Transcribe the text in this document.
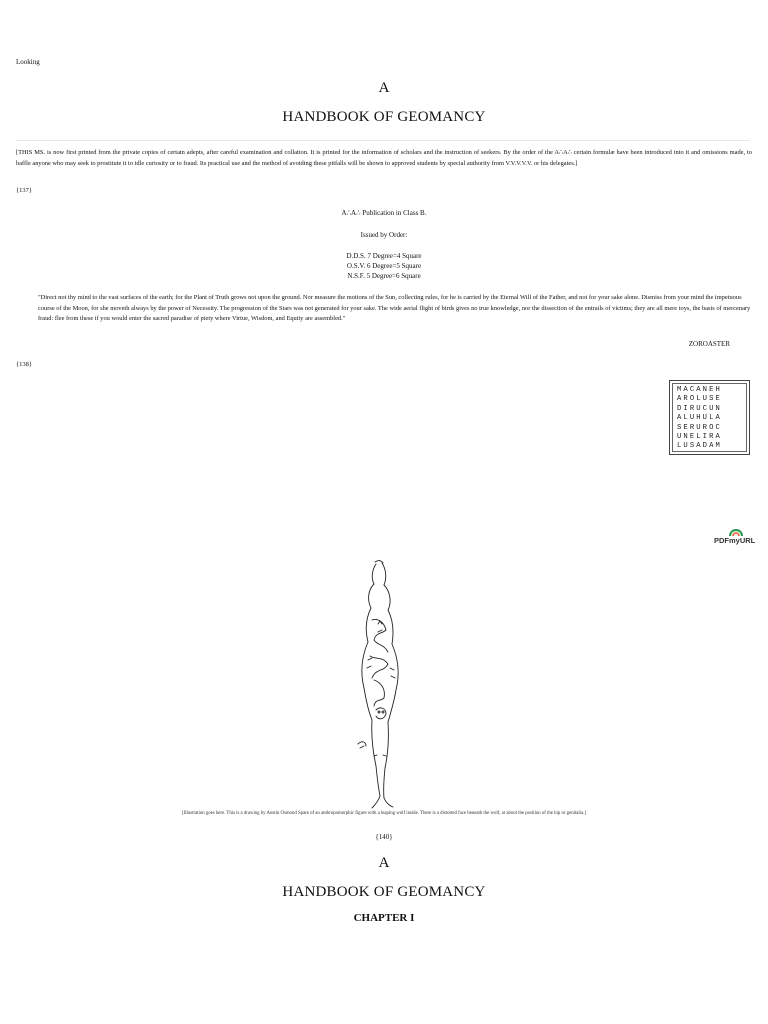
Looking
A
HANDBOOK OF GEOMANCY
[THIS MS. is now first printed from the private copies of certain adepts, after careful examination and collation. It is printed for the information of scholars and the instruction of seekers. By the order of the A∴A∴ certain formulæ have been introduced into it and omissions made, to baffle anyone who may seek to prostitute it to idle curiosity or to fraud. Its practical use and the method of avoiding these pitfalls will be shown to approved students by special authority from V.V.V.V.V. or his delegates.]
{137}
A∴A∴ Publication in Class B.
Issued by Order:
D.D.S. 7 Degree=4 Square
O.S.V. 6 Degree=5 Square
N.S.F. 5 Degree=6 Square
"Direct not thy mind to the vast surfaces of the earth; for the Plant of Truth grows not upon the ground. Nor measure the motions of the Sun, collecting rules, for he is carried by the Eternal Will of the Father, and not for your sake alone. Dismiss from your mind the impetuous course of the Moon, for she moveth always by the power of Necessity. The progression of the Stars was not generated for your sake. The wide aerial flight of birds gives no true knowledge, nor the dissection of the entrails of victims; they are all mere toys, the basis of mercenary fraud: flee from these if you would enter the sacred paradise of piety where Virtue, Wisdom, and Equity are assembled."
ZOROASTER
{138}
MACANEH
AROLUSE
DIRUCUN
ALUHULA
SERUROC
UNELIRA
LUSADAM
PDFmyURL
[Illustration goes here. This is a drawing by Austin Osmond Spare of an anthropomorphic figure with a leaping wolf inside. There is a distorted face beneath the wolf, at about the position of the hip or genitalia.]
{140}
A
HANDBOOK OF GEOMANCY
CHAPTER I
